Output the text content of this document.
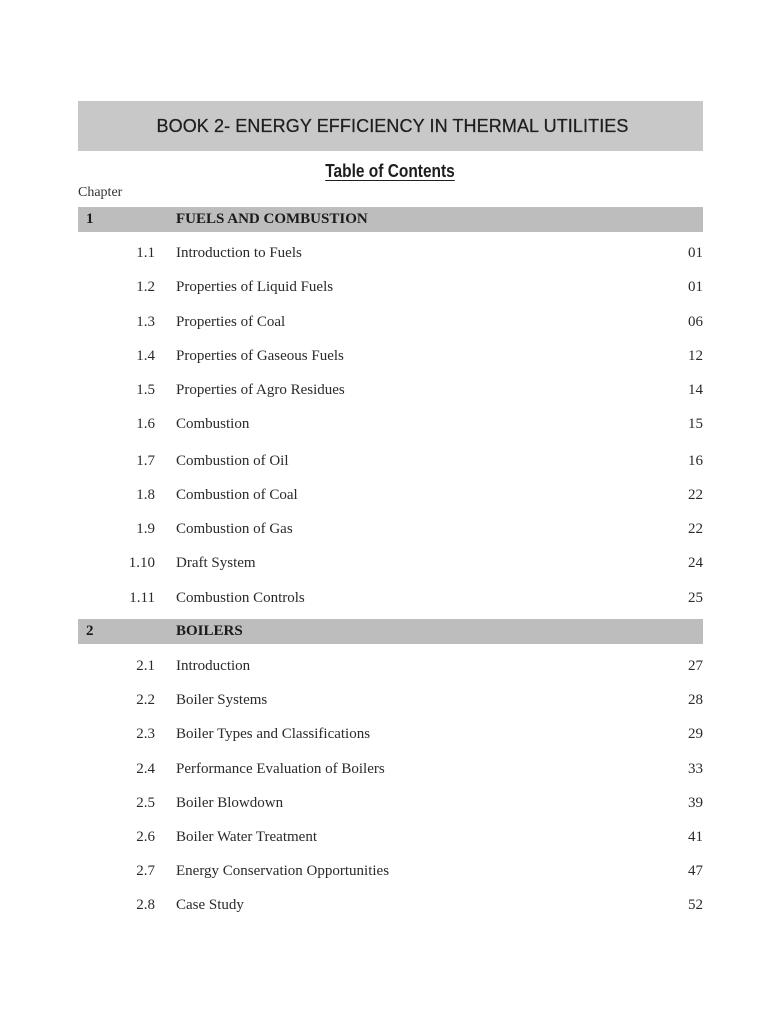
BOOK 2- ENERGY EFFICIENCY IN THERMAL UTILITIES
Table of Contents
Chapter
1	FUELS AND COMBUSTION
1.1 Introduction to Fuels	01
1.2 Properties of Liquid Fuels	01
1.3 Properties of Coal	06
1.4 Properties of Gaseous Fuels	12
1.5 Properties of Agro Residues	14
1.6 Combustion	15
1.7 Combustion of Oil	16
1.8 Combustion of Coal	22
1.9 Combustion of Gas	22
1.10 Draft System	24
1.11 Combustion Controls	25
2	BOILERS
2.1 Introduction	27
2.2 Boiler Systems	28
2.3 Boiler Types and Classifications	29
2.4 Performance Evaluation of Boilers	33
2.5 Boiler Blowdown	39
2.6 Boiler Water Treatment	41
2.7 Energy Conservation Opportunities	47
2.8 Case Study	52
